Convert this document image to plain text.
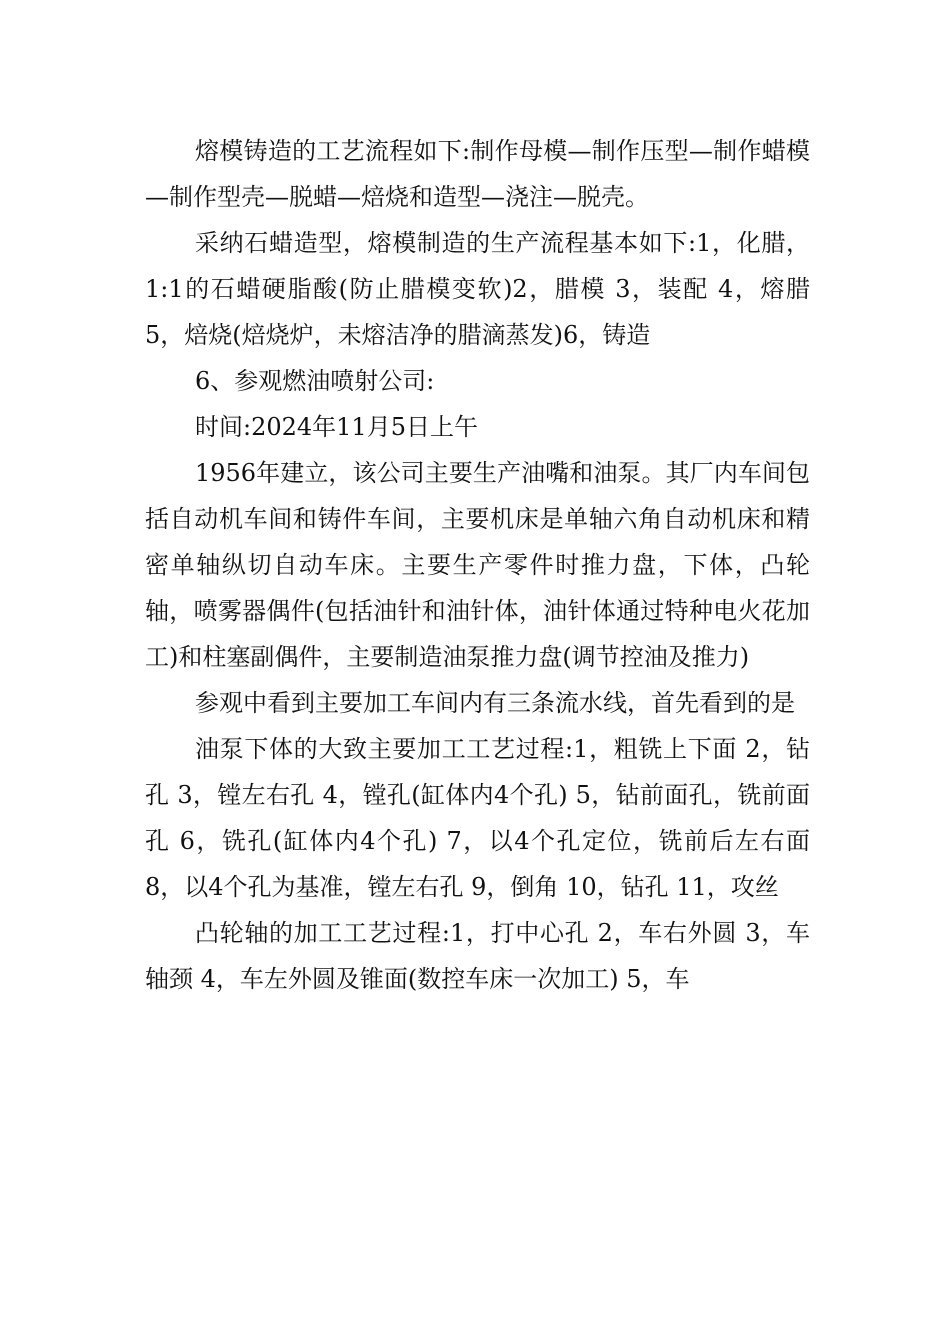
熔模铸造的工艺流程如下:制作母模—制作压型—制作蜡模—制作型壳—脱蜡—焙烧和造型—浇注—脱壳。

采纳石蜡造型，熔模制造的生产流程基本如下:1，化腊，1:1的石蜡硬脂酸(防止腊模变软)2，腊模 3，装配 4，熔腊 5，焙烧(焙烧炉，未熔洁净的腊滴蒸发)6，铸造

6、参观燃油喷射公司:

时间:2024年11月5日上午

1956年建立，该公司主要生产油嘴和油泵。其厂内车间包括自动机车间和铸件车间，主要机床是单轴六角自动机床和精密单轴纵切自动车床。主要生产零件时推力盘，下体，凸轮轴，喷雾器偶件(包括油针和油针体，油针体通过特种电火花加工)和柱塞副偶件，主要制造油泵推力盘(调节控油及推力)

参观中看到主要加工车间内有三条流水线，首先看到的是

油泵下体的大致主要加工工艺过程:1，粗铣上下面 2，钻孔 3，镗左右孔 4，镗孔(缸体内4个孔) 5，钻前面孔，铣前面孔 6，铣孔(缸体内4个孔) 7，以4个孔定位，铣前后左右面 8，以4个孔为基准，镗左右孔 9，倒角 10，钻孔 11，攻丝

凸轮轴的加工工艺过程:1，打中心孔 2，车右外圆 3，车轴颈 4，车左外圆及锥面(数控车床一次加工) 5，车
